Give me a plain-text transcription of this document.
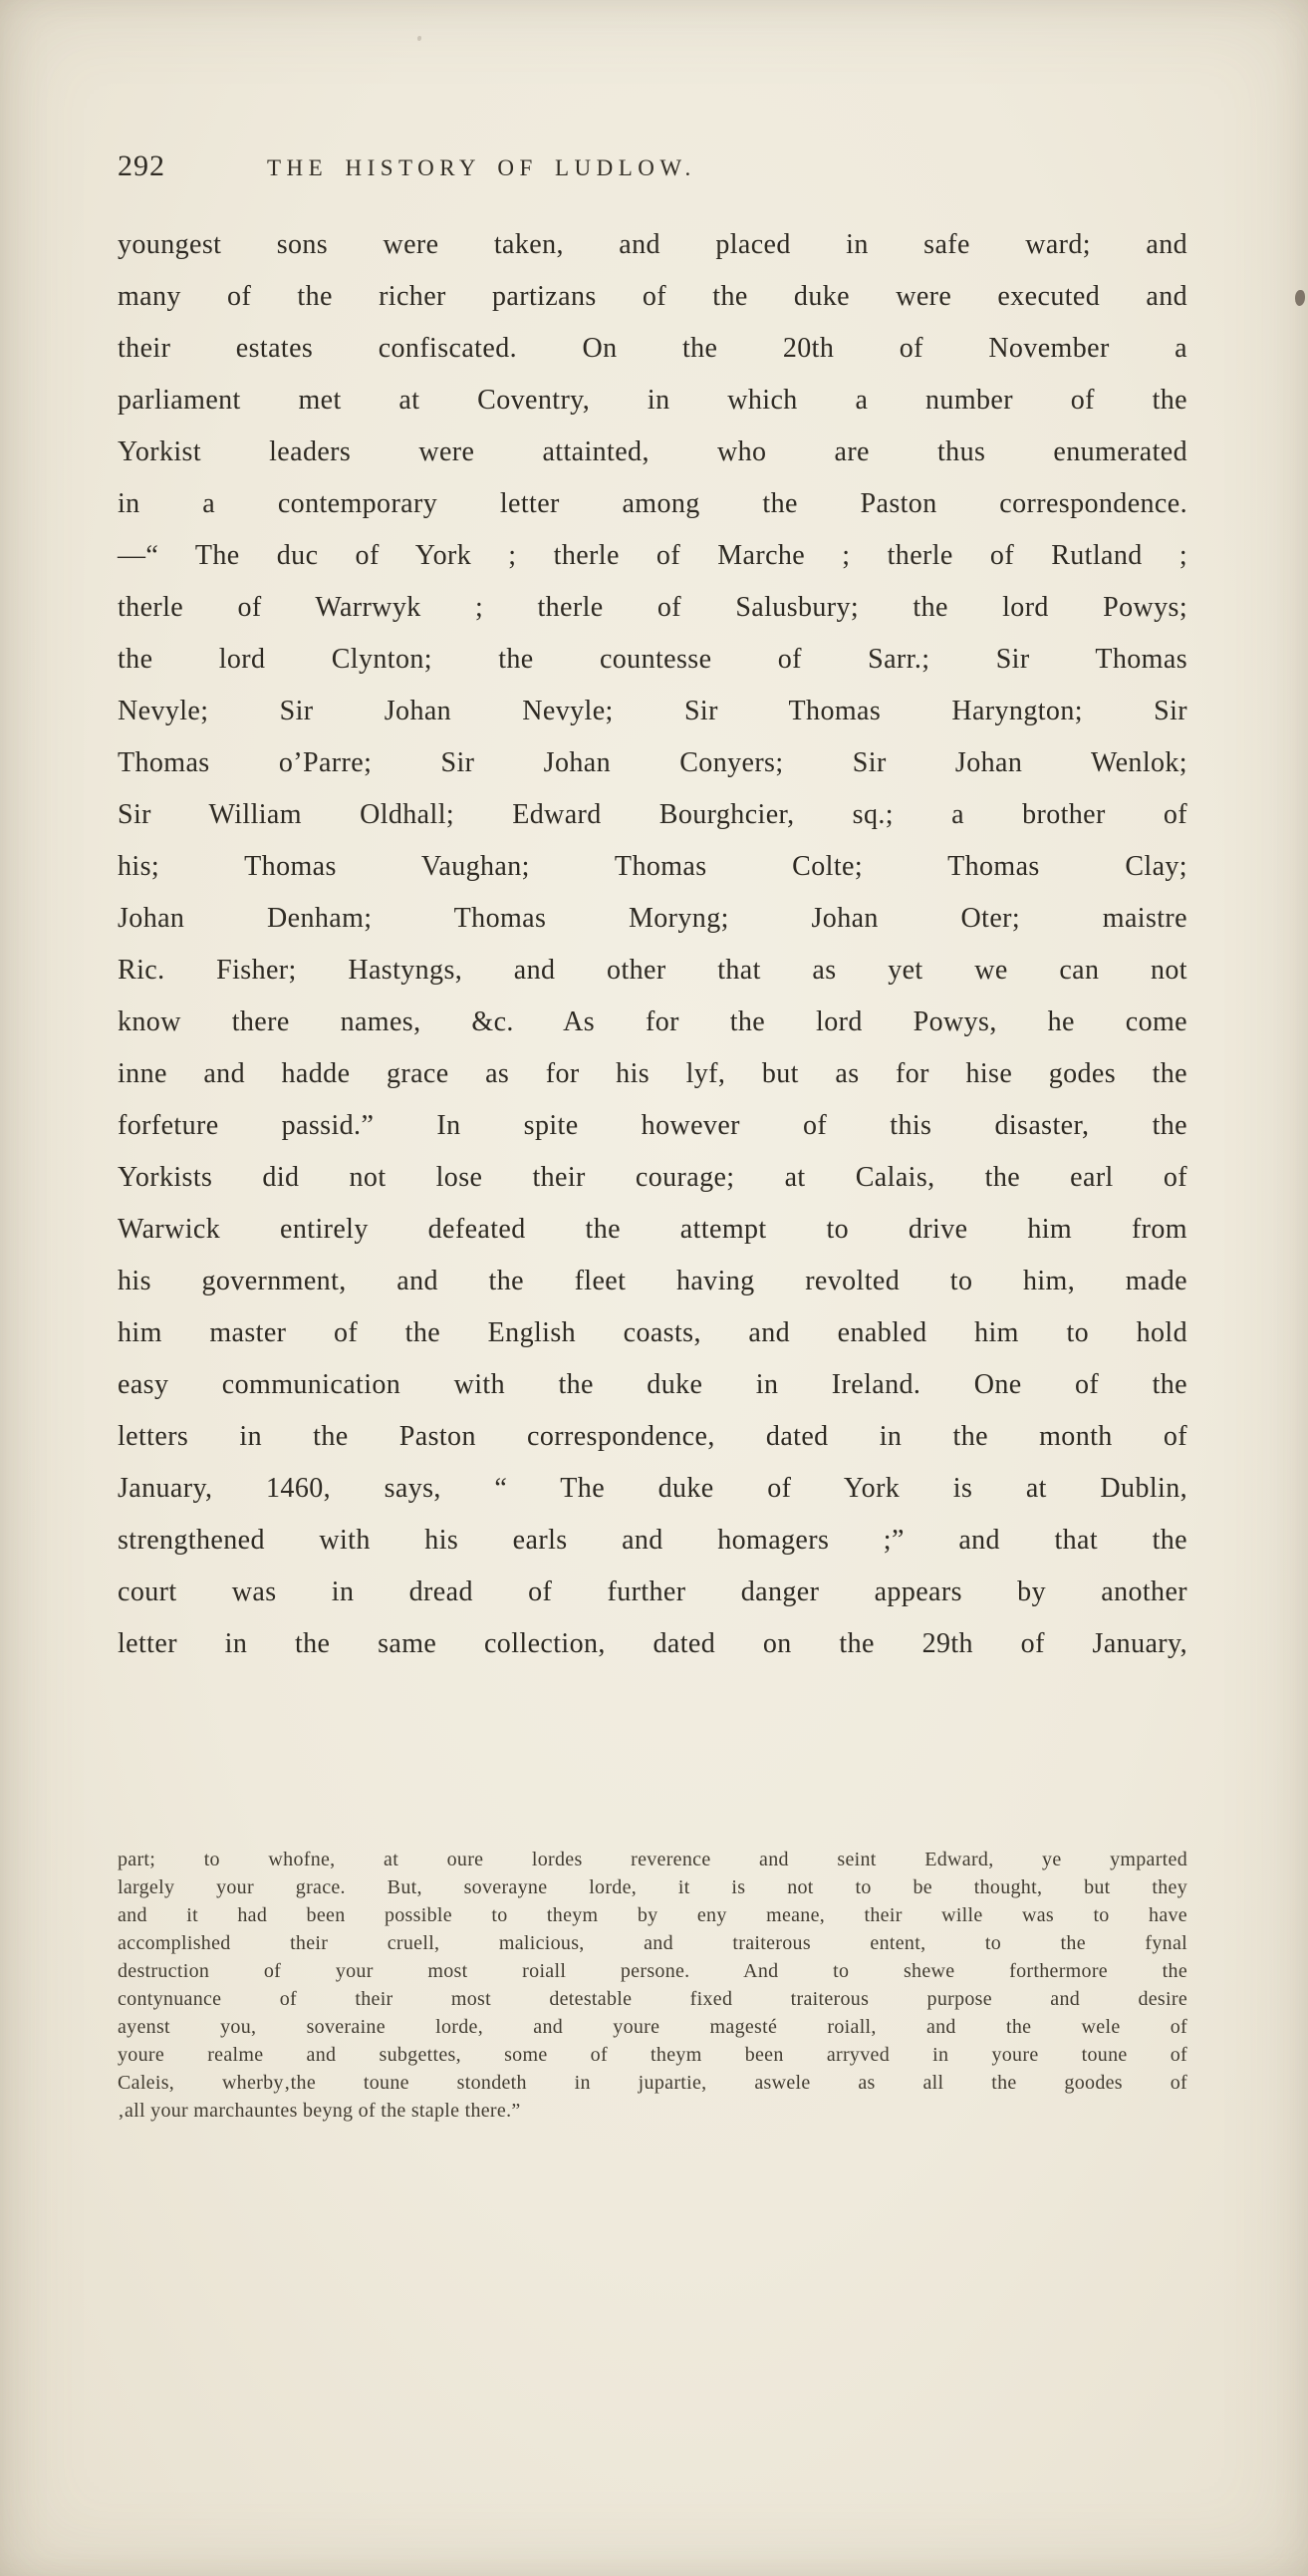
292	THE HISTORY OF LUDLOW.
youngest sons were taken, and placed in safe ward; and
many of the richer partizans of the duke were executed and
their estates confiscated. On the 20th of November a
parliament met at Coventry, in which a number of the
Yorkist leaders were attainted, who are thus enumerated
in a contemporary letter among the Paston correspondence.
—“ The duc of York ; therle of Marche ; therle of Rutland ;
therle of Warrwyk ; therle of Salusbury; the lord Powys;
the lord Clynton; the countesse of Sarr.; Sir Thomas
Nevyle; Sir Johan Nevyle; Sir Thomas Haryngton; Sir
Thomas o’Parre; Sir Johan Conyers; Sir Johan Wenlok;
Sir William Oldhall; Edward Bourghcier, sq.; a brother of
his; Thomas Vaughan; Thomas Colte; Thomas Clay;
Johan Denham; Thomas Moryng; Johan Oter; maistre
Ric. Fisher; Hastyngs, and other that as yet we can not
know there names, &c. As for the lord Powys, he come
inne and hadde grace as for his lyf, but as for hise godes the
forfeture passid.” In spite however of this disaster, the
Yorkists did not lose their courage; at Calais, the earl of
Warwick entirely defeated the attempt to drive him from
his government, and the fleet having revolted to him, made
him master of the English coasts, and enabled him to hold
easy communication with the duke in Ireland. One of the
letters in the Paston correspondence, dated in the month of
January, 1460, says, “ The duke of York is at Dublin,
strengthened with his earls and homagers ;” and that the
court was in dread of further danger appears by another
letter in the same collection, dated on the 29th of January,
part; to whofne, at oure lordes reverence and seint Edward, ye ymparted
largely your grace. But, soverayne lorde, it is not to be thought, but they
and it had been possible to theym by eny meane, their wille was to have
accomplished their cruell, malicious, and traiterous entent, to the fynal
destruction of your most roiall persone. And to shewe forthermore the
contynuance of their most detestable fixed traiterous purpose and desire
ayenst you, soveraine lorde, and youre magesté roiall, and the wele of
youre realme and subgettes, some of theym been arryved in youre toune of
Caleis, wherby‚the toune stondeth in jupartie, aswele as all the goodes of
‚all your marchauntes beyng of the staple there.”
